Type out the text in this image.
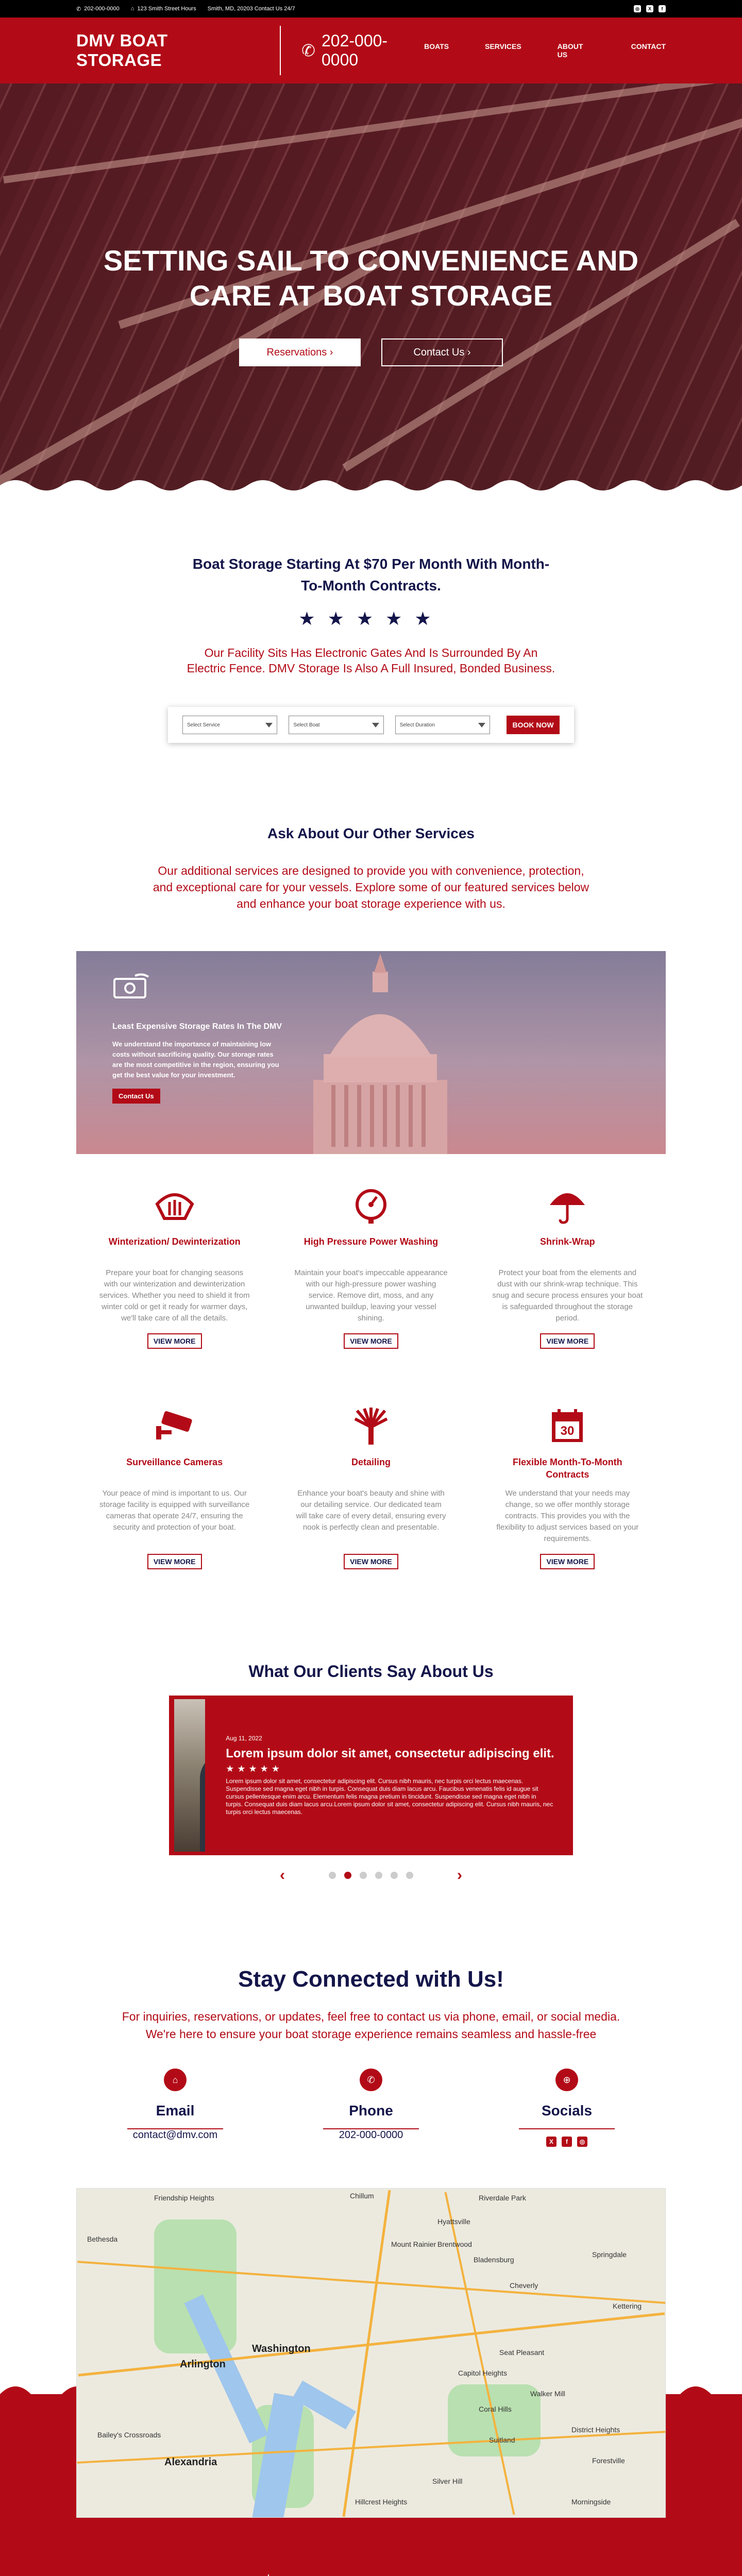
✆ 202-000-0000 ⌂ 123 Smith Street Hours Smith, MD, 20203 Contact Us 24/7	◎	X	f
DMV BOAT STORAGE	✆
202-000-0000
BOATS	SERVICES	ABOUT US
CONTACT
SETTING SAIL TO CONVENIENCE AND
CARE AT BOAT STORAGE
Reservations ›	Contact Us ›
Boat Storage Starting At $70 Per Month With Month-To-Month Contracts.
★★★★★
Our Facility Sits Has Electronic Gates And Is Surrounded By An Electric Fence. DMV Storage Is Also A Full Insured, Bonded Business.
Select Service	Select Boat	Select Duration	BOOK NOW
Ask About Our Other Services

Our additional services are designed to provide you with convenience, protection, and exceptional care for your vessels. Explore some of our featured services below and enhance your boat storage experience with us.

Least Expensive Storage Rates In The DMV

We understand the importance of maintaining low costs without sacrificing quality. Our storage rates are the most competitive in the region, ensuring you get the best value for your investment.

Contact Us
Winterization/ Dewinterization

Prepare your boat for changing seasons with our winterization and dewinterization services. Whether you need to shield it from winter cold or get it ready for warmer days, we'll take care of all the details.

VIEW MORE
High Pressure Power Washing

Maintain your boat's impeccable appearance with our high-pressure power washing service. Remove dirt, moss, and any unwanted buildup, leaving your vessel shining.

VIEW MORE
Shrink-Wrap

Protect your boat from the elements and dust with our shrink-wrap technique. This snug and secure process ensures your boat is safeguarded throughout the storage period.

VIEW MORE
Surveillance Cameras

Your peace of mind is important to us. Our storage facility is equipped with surveillance cameras that operate 24/7, ensuring the security and protection of your boat.

VIEW MORE
Detailing

Enhance your boat's beauty and shine with our detailing service. Our dedicated team will take care of every detail, ensuring every nook is perfectly clean and presentable.

VIEW MORE
30
Flexible Month-To-Month Contracts

We understand that your needs may change, so we offer monthly storage contracts. This provides you with the flexibility to adjust services based on your requirements.

VIEW MORE
What Our Clients Say About Us
Aug 11, 2022
Lorem ipsum dolor sit amet, consectetur adipiscing elit.
★★★★★

Lorem ipsum dolor sit amet, consectetur adipiscing elit. Cursus nibh mauris, nec turpis orci lectus maecenas. Suspendisse sed magna eget nibh in turpis. Consequat duis diam lacus arcu. Faucibus venenatis felis id augue sit cursus pellentesque enim arcu. Elementum felis magna pretium in tincidunt. Suspendisse sed magna eget nibh in turpis. Consequat duis diam lacus arcu.Lorem ipsum dolor sit amet, consectetur adipiscing elit. Cursus nibh mauris, nec turpis orci lectus maecenas.

‹	›
Stay Connected with Us!

For inquiries, reservations, or updates, feel free to contact us via phone, email, or social media.
We're here to ensure your boat storage experience remains seamless and hassle-free

⌂
Email
contact@dmv.com
✆
Phone
202-000-0000
⊕
Socials
X	f	◎
Chillum	Riverdale Park
Friendship Heights
Hyattsville
Bethesda
Brentwood
Mount Rainier
Bladensburg
Cheverly
Springdale
Kettering
Washington	Seat Pleasant
Arlington
Capitol Heights
Walker Mill
Coral Hills
Bailey's Crossroads
Alexandria
Suitland
District Heights
Forestville
Silver Hill
Hillcrest Heights	Morningside
